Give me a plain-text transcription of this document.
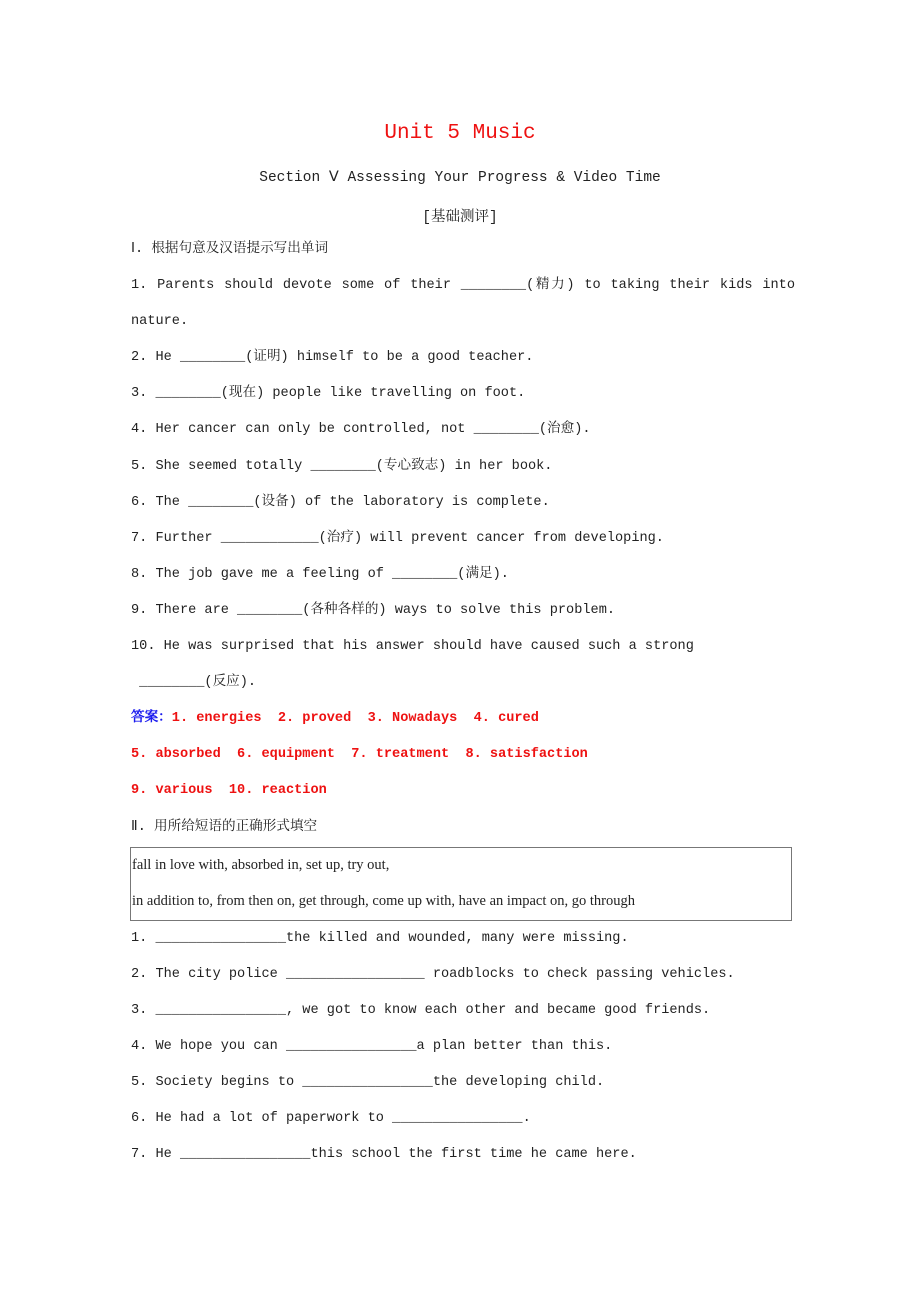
Unit 5 Music
Section Ⅴ Assessing Your Progress & Video Time
[基础测评]
Ⅰ. 根据句意及汉语提示写出单词
1. Parents should devote some of their ________(精力) to taking their kids into
nature.
2. He ________(证明) himself to be a good teacher.
3. ________(现在) people like travelling on foot.
4. Her cancer can only be controlled, not ________(治愈).
5. She seemed totally ________(专心致志) in her book.
6. The ________(设备) of the laboratory is complete.
7. Further ____________(治疗) will prevent cancer from developing.
8. The job gave me a feeling of ________(满足).
9. There are ________(各种各样的) ways to solve this problem.
10. He was surprised that his answer should have caused such a strong
________(反应).
答案：1. energies  2. proved  3. Nowadays  4. cured
5. absorbed  6. equipment  7. treatment  8. satisfaction
9. various  10. reaction
Ⅱ. 用所给短语的正确形式填空
fall in love with, absorbed in, set up, try out,
in addition to, from then on, get through, come up with, have an impact on, go through
1. ________________the killed and wounded, many were missing.
2. The city police _________________ roadblocks to check passing vehicles.
3. ________________, we got to know each other and became good friends.
4. We hope you can ________________a plan better than this.
5. Society begins to ________________the developing child.
6. He had a lot of paperwork to ________________.
7. He ________________this school the first time he came here.
